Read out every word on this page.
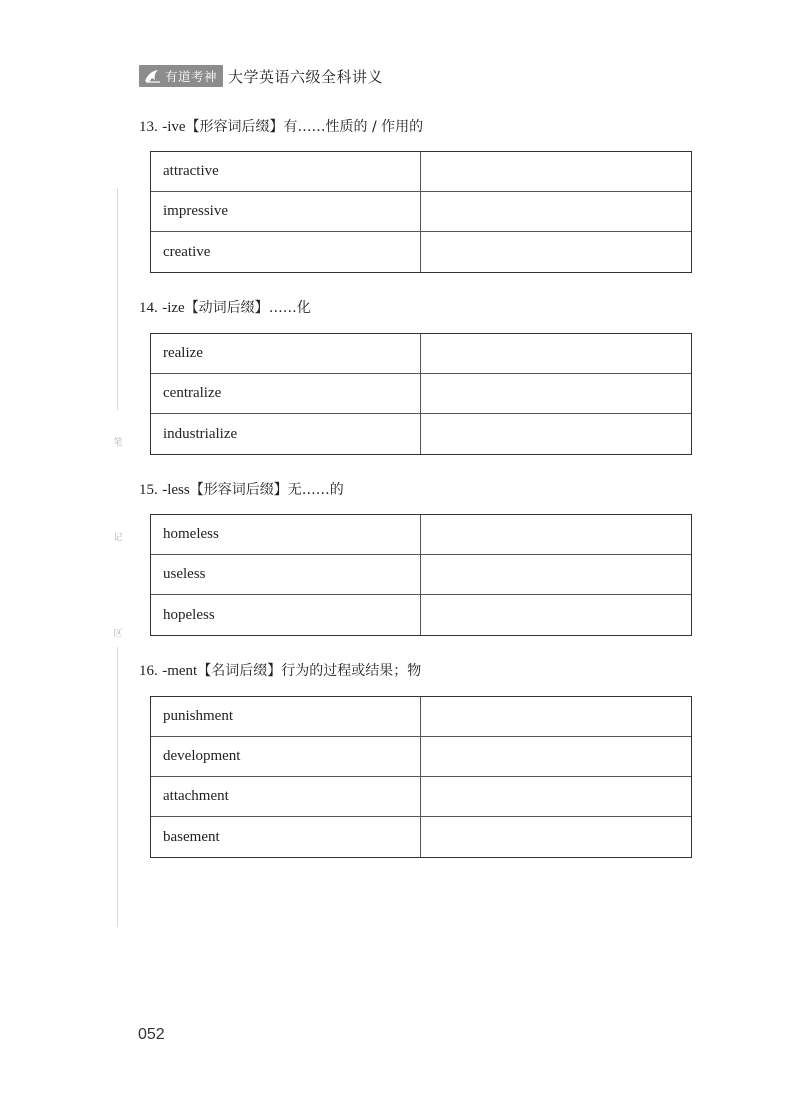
有道考神 大学英语六级全科讲义
笔
记
区
13. -ive【形容词后缀】有……性质的 / 作用的
attractive
impressive
creative
14. -ize【动词后缀】……化
realize
centralize
industrialize
15. -less【形容词后缀】无……的
homeless
useless
hopeless
16. -ment【名词后缀】行为的过程或结果；物
punishment
development
attachment
basement
052
